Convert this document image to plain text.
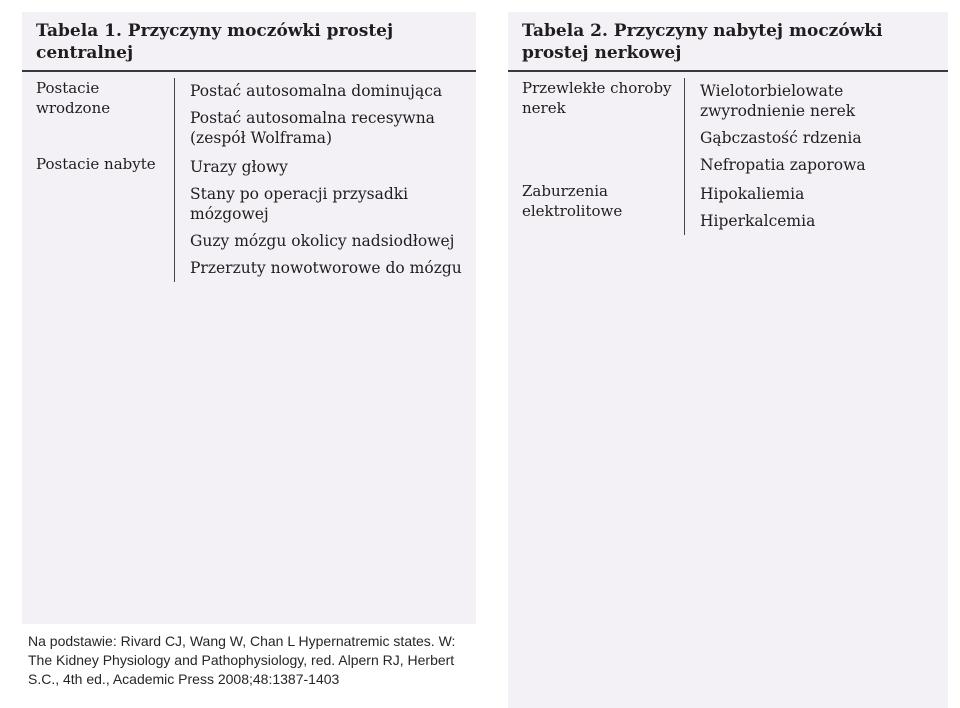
Tabela 1. Przyczyny moczówki prostej centralnej
Postacie wrodzone
Postać autosomalna dominująca
Postać autosomalna recesywna (zespół Wolframa)
Postacie nabyte	Urazy głowy
Stany po operacji przysadki mózgowej
Guzy mózgu okolicy nadsiodłowej
Przerzuty nowotworowe do mózgu
Na podstawie: Rivard CJ, Wang W, Chan L Hypernatremic states. W: The Kidney Physiology and Pathophysiology, red. Alpern RJ, Herbert S.C., 4th ed., Academic Press 2008;48:1387-1403
Tabela 2. Przyczyny nabytej moczówki prostej nerkowej
Przewlekłe choroby nerek
Wielotorbielowate zwyrodnienie nerek
Gąbczastość rdzenia
Nefropatia zaporowa
Zaburzenia elektrolitowe
Hipokaliemia
Hiperkalcemia
